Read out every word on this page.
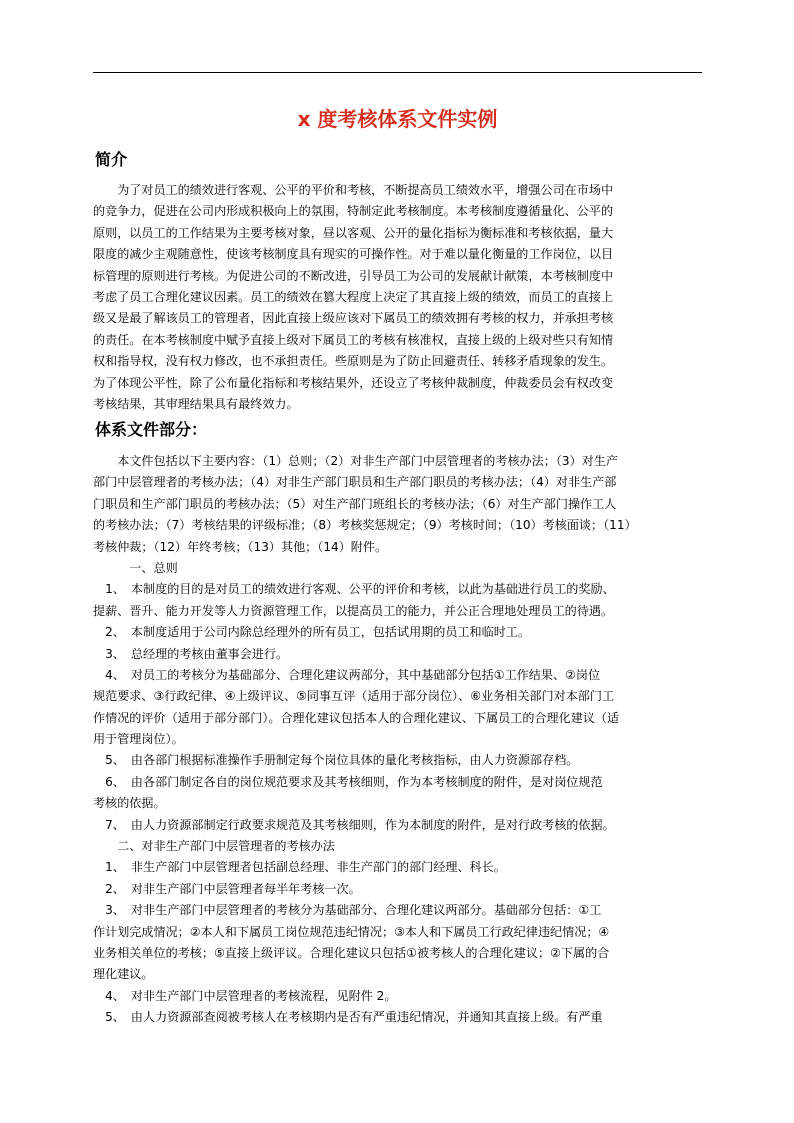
x 度考核体系文件实例
简介
　　为了对员工的绩效进行客观、公平的平价和考核，不断提高员工绩效水平，增强公司在市场中
的竞争力，促进在公司内形成积极向上的氛围，特制定此考核制度。本考核制度遵循量化、公平的
原则，以员工的工作结果为主要考核对象，昼以客观、公开的量化指标为衡标准和考核依据，量大
限度的减少主观随意性，使该考核制度具有现实的可操作性。对于难以量化衡量的工作岗位，以目
标管理的原则进行考核。为促进公司的不断改进，引导员工为公司的发展献计献策，本考核制度中
考虑了员工合理化建议因素。员工的绩效在篡大程度上决定了其直接上级的绩效，而员工的直接上
级又是最了解该员工的管理者，因此直接上级应该对下属员工的绩效拥有考核的权力，并承担考核
的责任。在本考核制度中赋予直接上级对下属员工的考核有核准权，直接上级的上级对些只有知情
权和指导权，没有权力修改，也不承担责任。些原则是为了防止回避责任、转移矛盾现象的发生。
为了体现公平性，除了公布量化指标和考核结果外，还设立了考核仲裁制度，仲裁委员会有权改变
考核结果，其审理结果具有最终效力。
体系文件部分：
　　本文件包括以下主要内容：（1）总则；（2）对非生产部门中层管理者的考核办法；（3）对生产
部门中层管理者的考核办法；（4）对非生产部门职员和生产部门职员的考核办法；（4）对非生产部
门职员和生产部门职员的考核办法；（5）对生产部门班组长的考核办法；（6）对生产部门操作工人
的考核办法；（7）考核结果的评级标准；（8）考核奖惩规定；（9）考核时间；（10）考核面谈；（11）
考核仲裁；（12）年终考核；（13）其他；（14）附件。
　　　一、总则
　1、　本制度的目的是对员工的绩效进行客观、公平的评价和考核，以此为基础进行员工的奖励、
提薪、晋升、能力开发等人力资源管理工作，以提高员工的能力，并公正合理地处理员工的待遇。
　2、　本制度适用于公司内除总经理外的所有员工，包括试用期的员工和临时工。
　3、　总经理的考核由董事会进行。
　4、　对员工的考核分为基础部分、合理化建议两部分，其中基础部分包括①工作结果、②岗位
规范要求、③行政纪律、④上级评议、⑤同事互评（适用于部分岗位）、⑥业务相关部门对本部门工
作情况的评价（适用于部分部门）。合理化建议包括本人的合理化建议、下属员工的合理化建议（适
用于管理岗位）。
　5、　由各部门根据标准操作手册制定每个岗位具体的量化考核指标，由人力资源部存档。
　6、　由各部门制定各自的岗位规范要求及其考核细则，作为本考核制度的附件，是对岗位规范
考核的依据。
　7、　由人力资源部制定行政要求规范及其考核细则，作为本制度的附件，是对行政考核的依据。
　　二、对非生产部门中层管理者的考核办法
　1、　非生产部门中层管理者包括副总经理、非生产部门的部门经理、科长。
　2、　对非生产部门中层管理者每半年考核一次。
　3、　对非生产部门中层管理者的考核分为基础部分、合理化建议两部分。基础部分包括：①工
作计划完成情况；②本人和下属员工岗位规范违纪情况；③本人和下属员工行政纪律违纪情况；④
业务相关单位的考核；⑤直接上级评议。合理化建议只包括①被考核人的合理化建议；②下属的合
理化建议。
　4、　对非生产部门中层管理者的考核流程，见附件 2。
　5、　由人力资源部查阅被考核人在考核期内是否有严重违纪情况，并通知其直接上级。有严重
